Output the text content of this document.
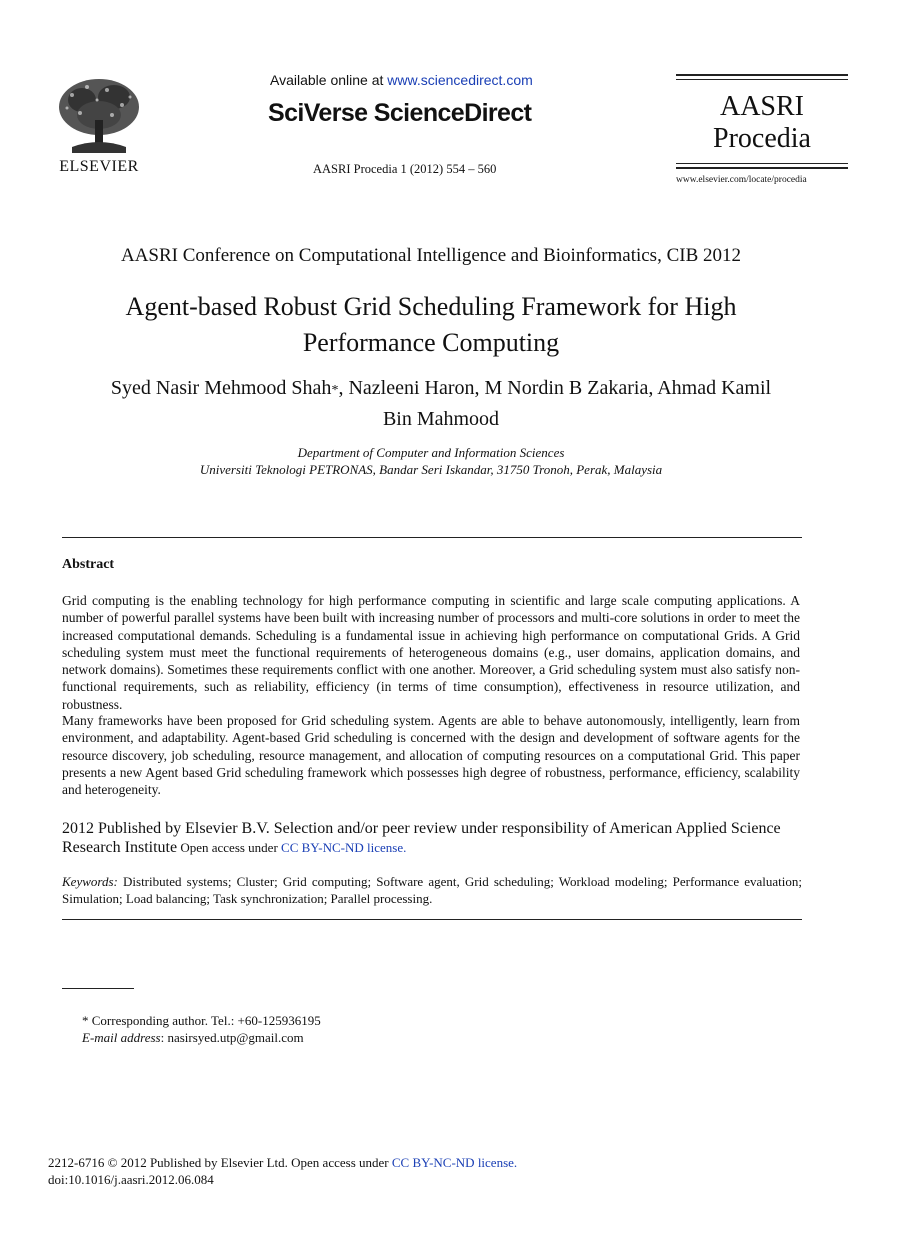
ELSEVIER
Available online at www.sciencedirect.com
SciVerse ScienceDirect
AASRI Procedia 1 (2012) 554 – 560
AASRI
Procedia
www.elsevier.com/locate/procedia
AASRI Conference on Computational Intelligence and Bioinformatics, CIB 2012
Agent-based Robust Grid Scheduling Framework for High
Performance Computing
Syed Nasir Mehmood Shah*, Nazleeni Haron, M Nordin B Zakaria, Ahmad Kamil
Bin Mahmood
Department of Computer and Information Sciences
Universiti Teknologi PETRONAS, Bandar Seri Iskandar, 31750 Tronoh, Perak, Malaysia
Abstract
Grid computing is the enabling technology for high performance computing in scientific and large scale computing applications. A number of powerful parallel systems have been built with increasing number of processors and multi-core solutions in order to meet the increased computational demands. Scheduling is a fundamental issue in achieving high performance on computational Grids. A Grid scheduling system must meet the functional requirements of heterogeneous domains (e.g., user domains, application domains, and network domains). Sometimes these requirements conflict with one another. Moreover, a Grid scheduling system must also satisfy non-functional requirements, such as reliability, efficiency (in terms of time consumption), effectiveness in resource utilization, and robustness.
Many frameworks have been proposed for Grid scheduling system. Agents are able to behave autonomously, intelligently, learn from environment, and adaptability. Agent-based Grid scheduling is concerned with the design and development of software agents for the resource discovery, job scheduling, resource management, and allocation of computing resources on a computational Grid. This paper presents a new Agent based Grid scheduling framework which possesses high degree of robustness, performance, efficiency, scalability and heterogeneity.
2012 Published by Elsevier B.V. Selection and/or peer review under responsibility of American Applied Science Research Institute Open access under CC BY-NC-ND license.
Keywords: Distributed systems; Cluster; Grid computing; Software agent, Grid scheduling; Workload modeling; Performance evaluation; Simulation; Load balancing; Task synchronization; Parallel processing.
* Corresponding author. Tel.: +60-125936195
E-mail address: nasirsyed.utp@gmail.com
2212-6716 © 2012 Published by Elsevier Ltd. Open access under CC BY-NC-ND license.
doi:10.1016/j.aasri.2012.06.084
